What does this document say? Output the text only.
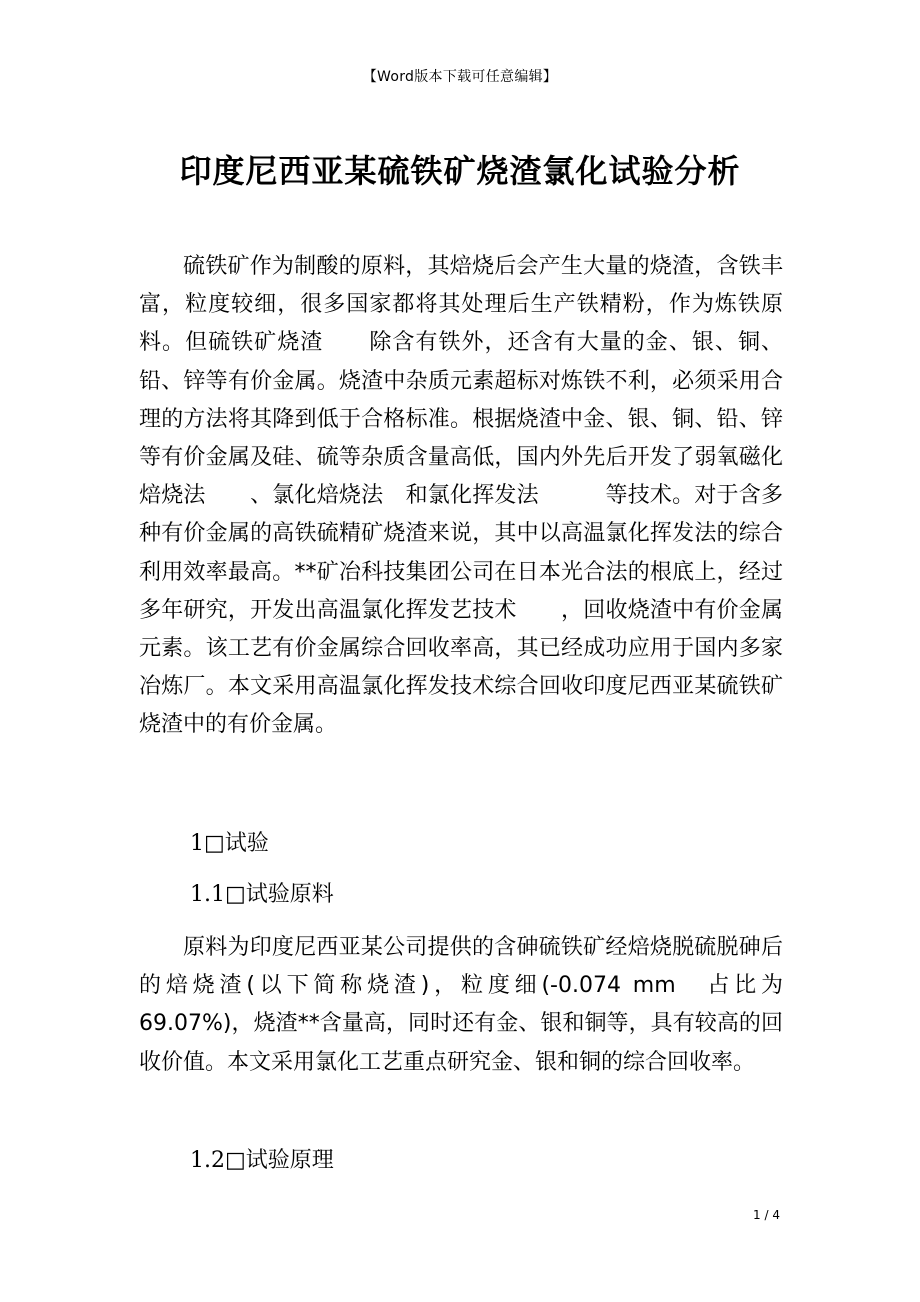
【Word版本下载可任意编辑】
印度尼西亚某硫铁矿烧渣氯化试验分析

硫铁矿作为制酸的原料，其焙烧后会产生大量的烧渣，含铁丰富，粒度较细，很多国家都将其处理后生产铁精粉，作为炼铁原料。但硫铁矿烧渣　　除含有铁外，还含有大量的金、银、铜、铅、锌等有价金属。烧渣中杂质元素超标对炼铁不利，必须采用合理的方法将其降到低于合格标准。根据烧渣中金、银、铜、铅、锌等有价金属及硅、硫等杂质含量高低，国内外先后开发了弱氧磁化焙烧法　　、氯化焙烧法　和氯化挥发法　　　等技术。对于含多种有价金属的高铁硫精矿烧渣来说，其中以高温氯化挥发法的综合利用效率最高。**矿冶科技集团公司在日本光合法的根底上，经过多年研究，开发出高温氯化挥发艺技术　　，回收烧渣中有价金属元素。该工艺有价金属综合回收率高，其已经成功应用于国内多家冶炼厂。本文采用高温氯化挥发技术综合回收印度尼西亚某硫铁矿烧渣中的有价金属。

1□试验

1.1□试验原料

原料为印度尼西亚某公司提供的含砷硫铁矿经焙烧脱硫脱砷后的焙烧渣(以下简称烧渣)，粒度细(-0.074 mm　占比为　　69.07%)，烧渣**含量高，同时还有金、银和铜等，具有较高的回收价值。本文采用氯化工艺重点研究金、银和铜的综合回收率。

1.2□试验原理

1 / 4
